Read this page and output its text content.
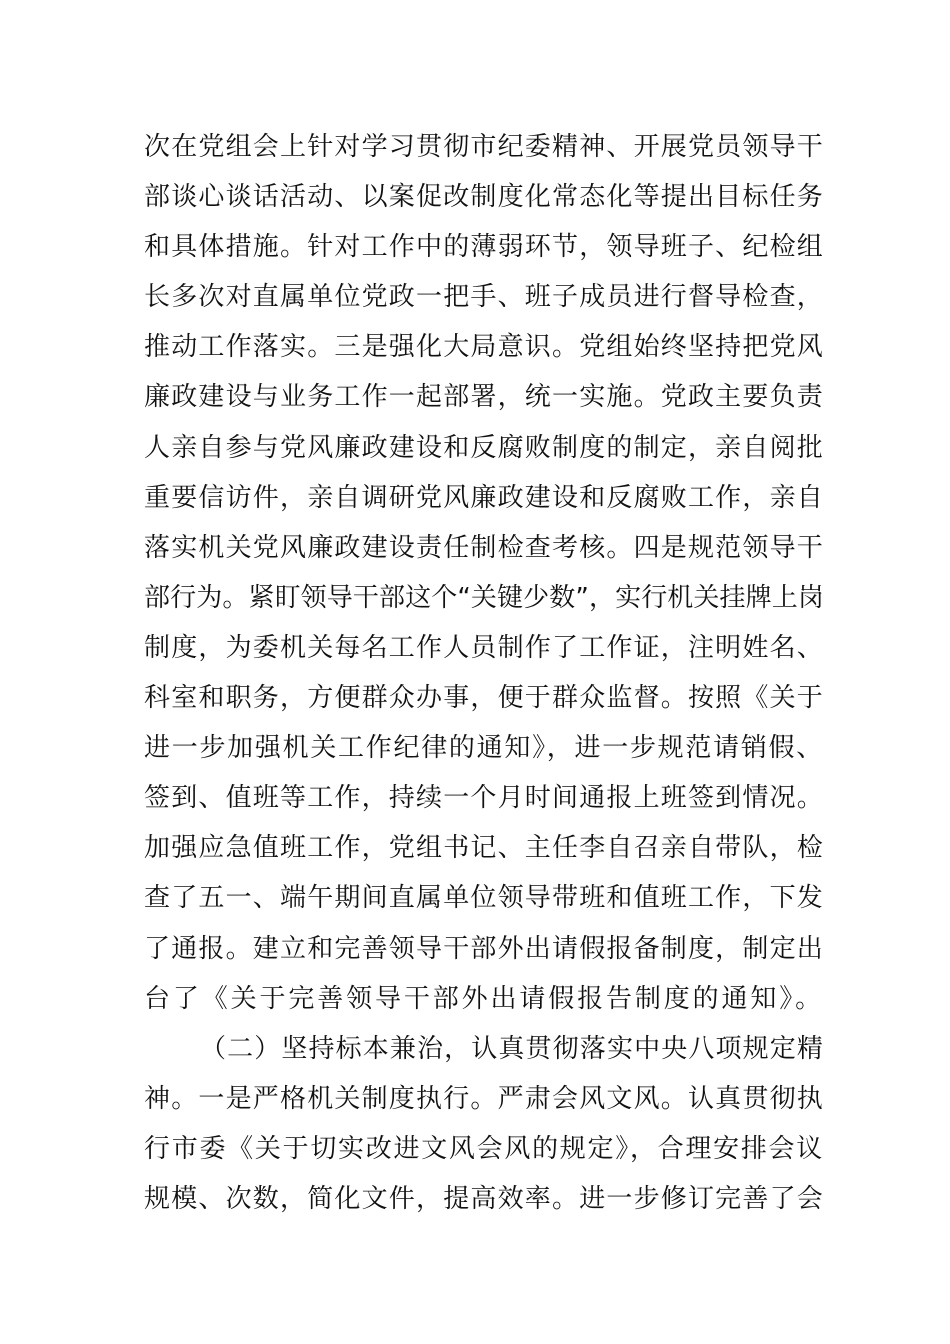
次在党组会上针对学习贯彻市纪委精神、开展党员领导干
部谈心谈话活动、以案促改制度化常态化等提出目标任务
和具体措施。针对工作中的薄弱环节，领导班子、纪检组
长多次对直属单位党政一把手、班子成员进行督导检查，
推动工作落实。三是强化大局意识。党组始终坚持把党风
廉政建设与业务工作一起部署，统一实施。党政主要负责
人亲自参与党风廉政建设和反腐败制度的制定，亲自阅批
重要信访件，亲自调研党风廉政建设和反腐败工作，亲自
落实机关党风廉政建设责任制检查考核。四是规范领导干
部行为。紧盯领导干部这个“关键少数”，实行机关挂牌上岗
制度，为委机关每名工作人员制作了工作证，注明姓名、
科室和职务，方便群众办事，便于群众监督。按照《关于
进一步加强机关工作纪律的通知》，进一步规范请销假、
签到、值班等工作，持续一个月时间通报上班签到情况。
加强应急值班工作，党组书记、主任李自召亲自带队，检
查了五一、端午期间直属单位领导带班和值班工作，下发
了通报。建立和完善领导干部外出请假报备制度，制定出
台了《关于完善领导干部外出请假报告制度的通知》。
（二）坚持标本兼治，认真贯彻落实中央八项规定精
神。一是严格机关制度执行。严肃会风文风。认真贯彻执
行市委《关于切实改进文风会风的规定》，合理安排会议
规模、次数，简化文件，提高效率。进一步修订完善了会
